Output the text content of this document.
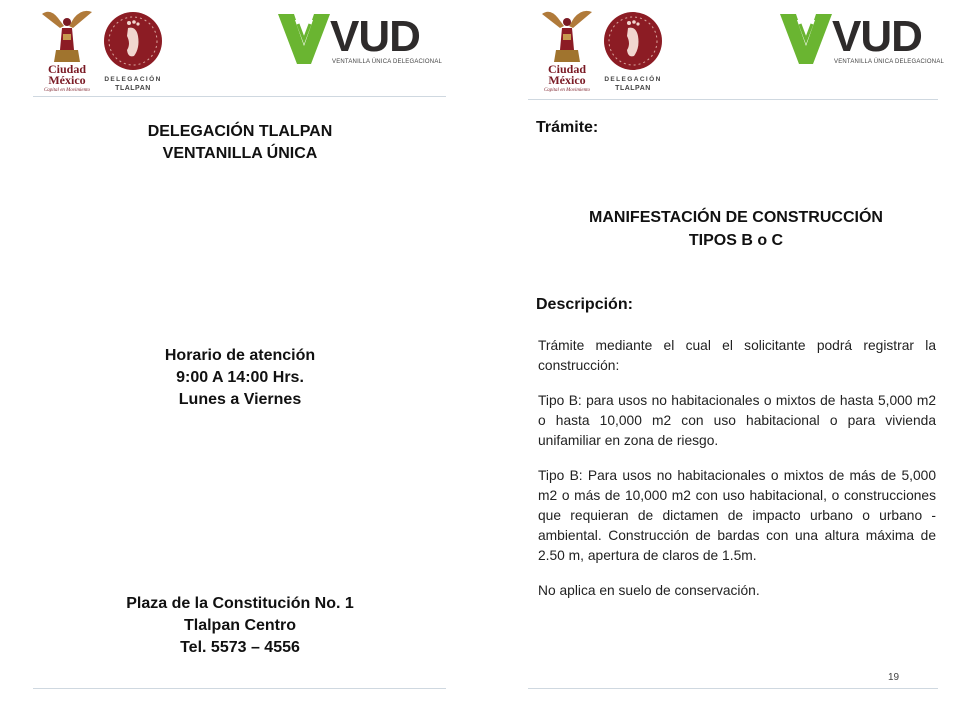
Ciudad
México
Capital en Movimiento
DELEGACIÓN
TLALPAN
VUD
VENTANILLA ÚNICA DELEGACIONAL
DELEGACIÓN TLALPAN
VENTANILLA ÚNICA
Horario de atención
9:00 A 14:00 Hrs.
Lunes a Viernes
Plaza de la Constitución No. 1
Tlalpan Centro
Tel. 5573 – 4556
Ciudad
México
Capital en Movimiento
DELEGACIÓN
TLALPAN
VUD
VENTANILLA ÚNICA DELEGACIONAL
Trámite:
MANIFESTACIÓN DE CONSTRUCCIÓN
TIPOS B o C
Descripción:

Trámite mediante el cual el solicitante podrá registrar la construcción:

Tipo B: para usos no habitacionales o mixtos de hasta 5,000 m2 o hasta 10,000 m2 con uso habitacional o para vivienda unifamiliar en zona de riesgo.

Tipo B: Para usos no habitacionales o mixtos de más de 5,000 m2 o más de 10,000 m2 con uso habitacional, o construcciones que requieran de dictamen de impacto urbano o urbano - ambiental. Construcción de bardas con una altura máxima de 2.50 m, apertura de claros de 1.5m.

No aplica en suelo de conservación.

19
